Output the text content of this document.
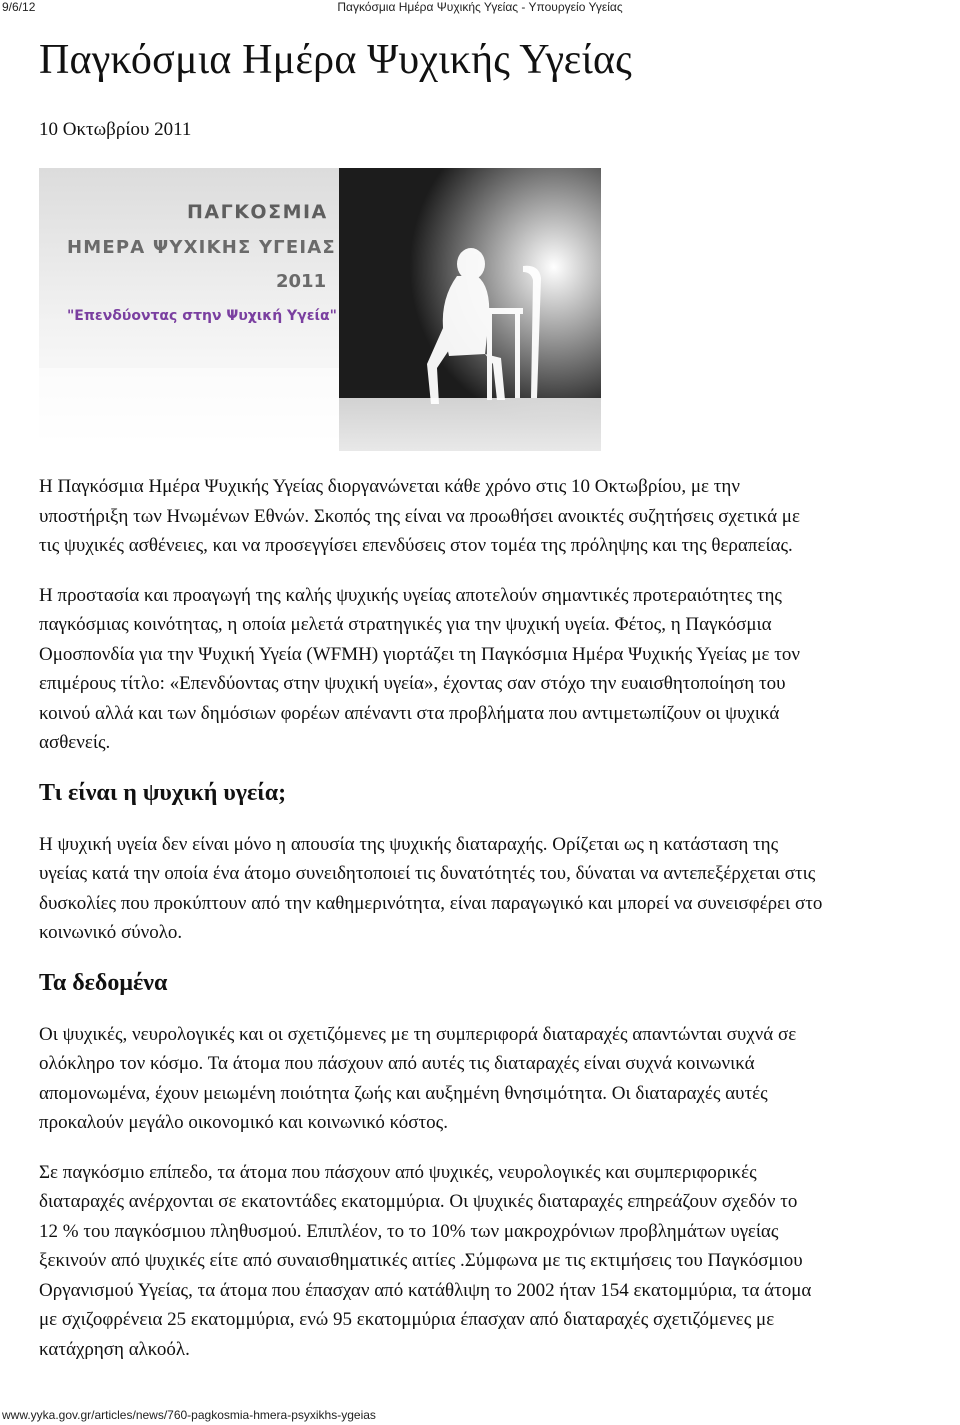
9/6/12	Παγκόσμια Ημέρα Ψυχικής Υγείας - Υπουργείο Υγείας
Παγκόσμια Ημέρα Ψυχικής Υγείας
10 Οκτωβρίου 2011
ΠΑΓΚΟΣΜΙΑ
ΗΜΕΡΑ ΨΥΧΙΚΗΣ ΥΓΕΙΑΣ
2011
"Επενδύοντας στην Ψυχική Υγεία"

Η Παγκόσμια Ημέρα Ψυχικής Υγείας διοργανώνεται κάθε χρόνο στις 10 Οκτωβρίου, με την
υποστήριξη των Ηνωμένων Εθνών. Σκοπός της είναι να προωθήσει ανοικτές συζητήσεις σχετικά με
τις ψυχικές ασθένειες, και να προσεγγίσει επενδύσεις στον τομέα της πρόληψης και της θεραπείας.

Η προστασία και προαγωγή της καλής ψυχικής υγείας αποτελούν σημαντικές προτεραιότητες της
παγκόσμιας κοινότητας, η οποία μελετά στρατηγικές για την ψυχική υγεία. Φέτος, η Παγκόσμια
Ομοσπονδία για την Ψυχική Υγεία (WFMH) γιορτάζει τη Παγκόσμια Ημέρα Ψυχικής Υγείας με τον
επιμέρους τίτλο: «Επενδύοντας στην ψυχική υγεία», έχοντας σαν στόχο την ευαισθητοποίηση του
κοινού αλλά και των δημόσιων φορέων απέναντι στα προβλήματα που αντιμετωπίζουν οι ψυχικά
ασθενείς.

Τι είναι η ψυχική υγεία;

Η ψυχική υγεία δεν είναι μόνο η απουσία της ψυχικής διαταραχής. Ορίζεται ως η κατάσταση της
υγείας κατά την οποία ένα άτομο συνειδητοποιεί τις δυνατότητές του, δύναται να αντεπεξέρχεται στις
δυσκολίες που προκύπτουν από την καθημερινότητα, είναι παραγωγικό και μπορεί να συνεισφέρει στο
κοινωνικό σύνολο.

Τα δεδομένα

Οι ψυχικές, νευρολογικές και οι σχετιζόμενες με τη συμπεριφορά διαταραχές απαντώνται συχνά σε
ολόκληρο τον κόσμο. Τα άτομα που πάσχουν από αυτές τις διαταραχές είναι συχνά κοινωνικά
απομονωμένα, έχουν μειωμένη ποιότητα ζωής και αυξημένη θνησιμότητα. Οι διαταραχές αυτές
προκαλούν μεγάλο οικονομικό και κοινωνικό κόστος.

Σε παγκόσμιο επίπεδο, τα άτομα που πάσχουν από ψυχικές, νευρολογικές και συμπεριφορικές
διαταραχές ανέρχονται σε εκατοντάδες εκατομμύρια. Οι ψυχικές διαταραχές επηρεάζουν σχεδόν το
12 % του παγκόσμιου πληθυσμού. Επιπλέον, το το 10% των μακροχρόνιων προβλημάτων υγείας
ξεκινούν από ψυχικές είτε από συναισθηματικές αιτίες .Σύμφωνα με τις εκτιμήσεις του Παγκόσμιου
Οργανισμού Υγείας, τα άτομα που έπασχαν από κατάθλιψη το 2002 ήταν 154 εκατομμύρια, τα άτομα
με σχιζοφρένεια 25 εκατομμύρια, ενώ 95 εκατομμύρια έπασχαν από διαταραχές σχετιζόμενες με
κατάχρηση αλκοόλ.

www.yyka.gov.gr/articles/news/760-pagkosmia-hmera-psyxikhs-ygeias
